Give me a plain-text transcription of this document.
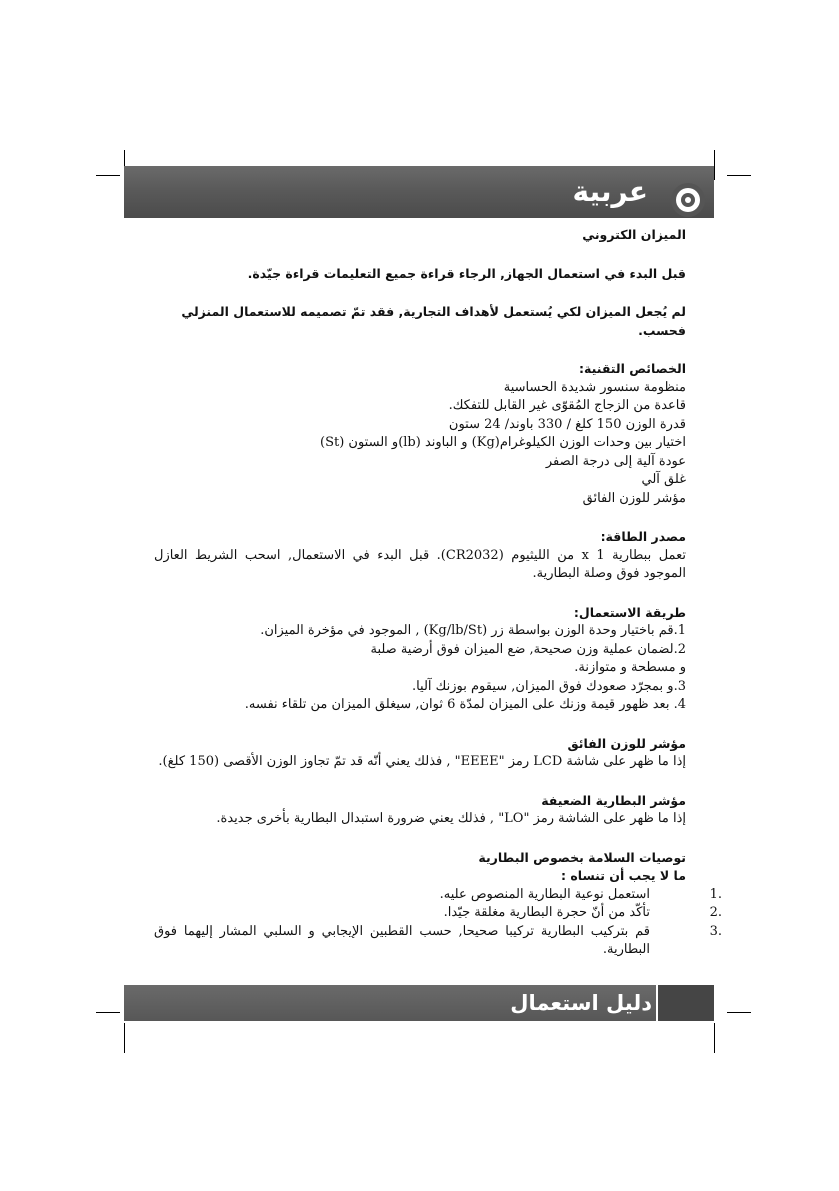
عربية

الميزان الكتروني

قبل البدء في استعمال الجهاز, الرجاء قراءة جميع التعليمات قراءة جيّدة.

لم يُجعل الميزان لكي يُستعمل لأهداف التجارية, فقد تمّ تصميمه للاستعمال المنزلي فحسب.

الخصائص التقنية:

منظومة سنسور شديدة الحساسية

قاعدة من الزجاج المُقوّى غير القابل للتفكك.

قدرة الوزن 150 كلغ / 330 باوند/ 24 ستون

اختيار بين وحدات الوزن الكيلوغرام(Kg) و الباوند (lb)و الستون (St)

عودة آلية إلى درجة الصفر

غلق آلي

مؤشر للوزن الفائق

مصدر الطاقة:

تعمل ببطارية x 1 من الليثيوم (CR2032). قبل البدء في الاستعمال, اسحب الشريط العازل الموجود فوق وصلة البطارية.

طريقة الاستعمال:

1.قم باختيار وحدة الوزن بواسطة زر (Kg/lb/St) , الموجود في مؤخرة الميزان.

2.لضمان عملية وزن صحيحة, ضع الميزان فوق أرضية صلبة

و مسطحة و متوازنة.

3.و بمجرّد صعودك فوق الميزان, سيقوم بوزنك آليا.

4. بعد ظهور قيمة وزنك على الميزان لمدّة 6 ثوان, سيغلق الميزان من تلقاء نفسه.

مؤشر للوزن الفائق

إذا ما ظهر على شاشة LCD رمز "EEEE" , فذلك يعني أنّه قد تمّ تجاوز الوزن الأقصى (150 كلغ).

مؤشر البطارية الضعيفة

إذا ما ظهر على الشاشة رمز "LO" , فذلك يعني ضرورة استبدال البطارية بأخرى جديدة.

توصيات السلامة بخصوص البطارية

ما لا يجب أن تنساه :

.1استعمل نوعية البطارية المنصوص عليه.

.2تأكّد من أنّ حجرة البطارية مغلقة جيّدا.

.3قم بتركيب البطارية تركيبا صحيحا, حسب القطبين الإيجابي و السلبي المشار إليهما فوق البطارية.

دليل استعمال
